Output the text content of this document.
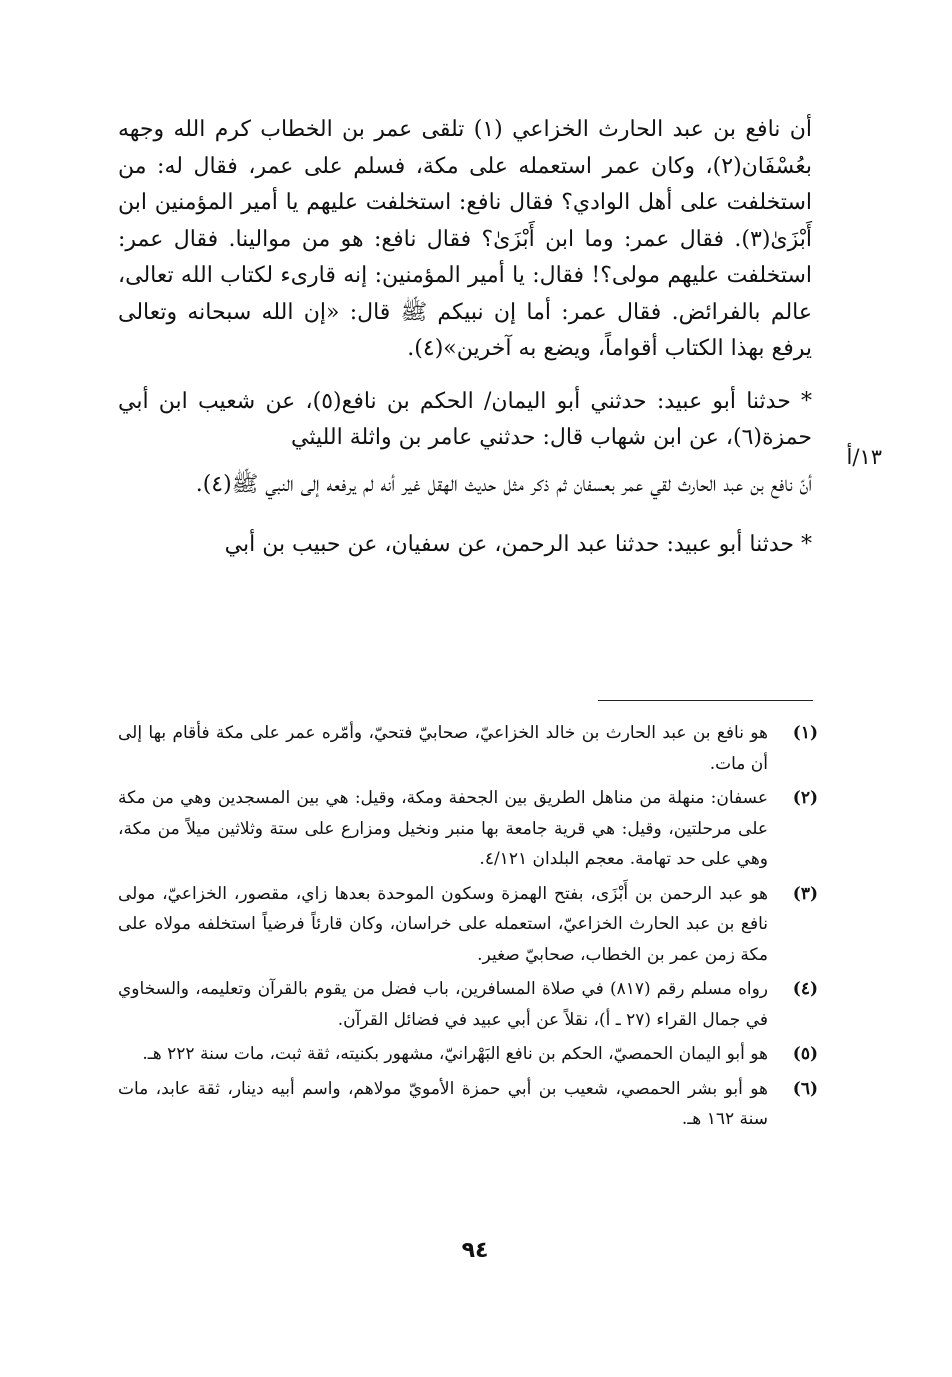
أن نافع بن عبد الحارث الخزاعي (١) تلقى عمر بن الخطاب كرم الله وجهه بعُسْفَان(٢)، وكان عمر استعمله على مكة، فسلم على عمر، فقال له: من استخلفت على أهل الوادي؟ فقال نافع: استخلفت عليهم يا أمير المؤمنين ابن أَبْزَىٰ(٣). فقال عمر: وما ابن أَبْزَىٰ؟ فقال نافع: هو من موالينا. فقال عمر: استخلفت عليهم مولى؟! فقال: يا أمير المؤمنين: إنه قارىء لكتاب الله تعالى، عالم بالفرائض. فقال عمر: أما إن نبيكم ﷺ قال: «إن الله سبحانه وتعالى يرفع بهذا الكتاب أقواماً، ويضع به آخرين»(٤).

* حدثنا أبو عبيد: حدثني أبو اليمان/ الحكم بن نافع(٥)، عن شعيب ابن أبي حمزة(٦)، عن ابن شهاب قال: حدثني عامر بن واثلة الليثي

أنّ نافع بن عبد الحارث لقي عمر بعسفان ثم ذكر مثل حديث الهقل غير أنه لم يرفعه إلى النبي ﷺ(٤).

* حدثنا أبو عبيد: حدثنا عبد الرحمن، عن سفيان، عن حبيب بن أبي

١٣/أ
(١)
هو نافع بن عبد الحارث بن خالد الخزاعيّ، صحابيّ فتحيّ، وأمّره عمر على مكة فأقام بها إلى أن مات.
(٢)
عسفان: منهلة من مناهل الطريق بين الجحفة ومكة، وقيل: هي بين المسجدين وهي من مكة على مرحلتين، وقيل: هي قرية جامعة بها منبر ونخيل ومزارع على ستة وثلاثين ميلاً من مكة، وهي على حد تهامة. معجم البلدان ٤/١٢١.
(٣)
هو عبد الرحمن بن أَبْزَى، بفتح الهمزة وسكون الموحدة بعدها زاي، مقصور، الخزاعيّ، مولى نافع بن عبد الحارث الخزاعيّ، استعمله على خراسان، وكان قارئاً فرضياً استخلفه مولاه على مكة زمن عمر بن الخطاب، صحابيّ صغير.
(٤)
رواه مسلم رقم (٨١٧) في صلاة المسافرين، باب فضل من يقوم بالقرآن وتعليمه، والسخاوي في جمال القراء (٢٧ ـ أ)، نقلاً عن أبي عبيد في فضائل القرآن.
(٥)
هو أبو اليمان الحمصيّ، الحكم بن نافع البَهْرانيّ، مشهور بكنيته، ثقة ثبت، مات سنة ٢٢٢ هـ.
(٦)
هو أبو بشر الحمصي، شعيب بن أبي حمزة الأمويّ مولاهم، واسم أبيه دينار، ثقة عابد، مات سنة ١٦٢ هـ.
٩٤
